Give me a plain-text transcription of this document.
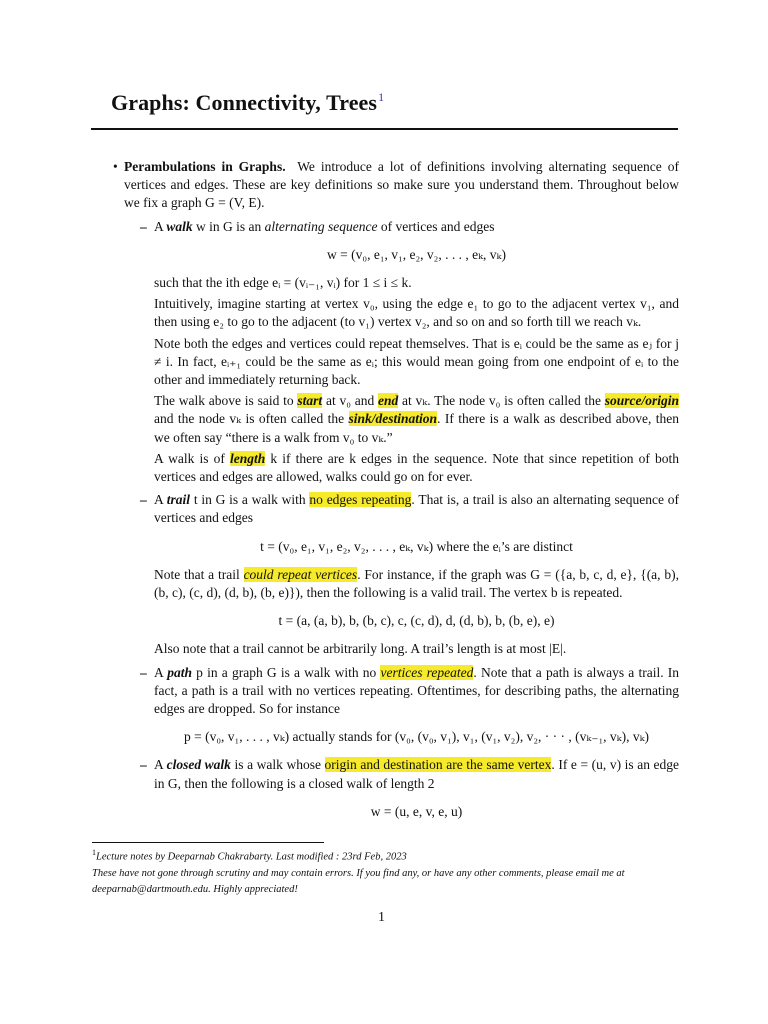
Graphs: Connectivity, Trees$^1$
• Perambulations in Graphs. We introduce a lot of definitions involving alternating sequence of vertices and edges. These are key definitions so make sure you understand them. Throughout below we fix a graph G = (V, E).

– A walk w in G is an alternating sequence of vertices and edges

w = (v₀, e₁, v₁, e₂, v₂, . . . , eₖ, vₖ)

such that the ith edge eᵢ = (vᵢ₋₁, vᵢ) for 1 ≤ i ≤ k.

Intuitively, imagine starting at vertex v₀, using the edge e₁ to go to the adjacent vertex v₁, and then using e₂ to go to the adjacent (to v₁) vertex v₂, and so on and so forth till we reach vₖ.

Note both the edges and vertices could repeat themselves. That is eᵢ could be the same as eⱼ for j ≠ i. In fact, eᵢ₊₁ could be the same as eᵢ; this would mean going from one endpoint of eᵢ to the other and immediately returning back.

The walk above is said to start at v₀ and end at vₖ. The node v₀ is often called the source/origin and the node vₖ is often called the sink/destination. If there is a walk as described above, then we often say “there is a walk from v₀ to vₖ.”

A walk is of length k if there are k edges in the sequence. Note that since repetition of both vertices and edges are allowed, walks could go on for ever.

– A trail t in G is a walk with no edges repeating. That is, a trail is also an alternating sequence of vertices and edges

t = (v₀, e₁, v₁, e₂, v₂, . . . , eₖ, vₖ) where the eᵢ’s are distinct

Note that a trail could repeat vertices. For instance, if the graph was G = ({a, b, c, d, e}, {(a, b), (b, c), (c, d), (d, b), (b, e)}), then the following is a valid trail. The vertex b is repeated.

t = (a, (a, b), b, (b, c), c, (c, d), d, (d, b), b, (b, e), e)

Also note that a trail cannot be arbitrarily long. A trail’s length is at most |E|.

– A path p in a graph G is a walk with no vertices repeated. Note that a path is always a trail. In fact, a path is a trail with no vertices repeating. Oftentimes, for describing paths, the alternating edges are dropped. So for instance

p = (v₀, v₁, . . . , vₖ) actually stands for (v₀, (v₀, v₁), v₁, (v₁, v₂), v₂, · · · , (vₖ₋₁, vₖ), vₖ)
– A closed walk is a walk whose origin and destination are the same vertex. If e = (u, v) is an edge in G, then the following is a closed walk of length 2

w = (u, e, v, e, u)
$^1$Lecture notes by Deeparnab Chakrabarty. Last modified : 23rd Feb, 2023
These have not gone through scrutiny and may contain errors. If you find any, or have any other comments, please email me at deeparnab@dartmouth.edu. Highly appreciated!
1
